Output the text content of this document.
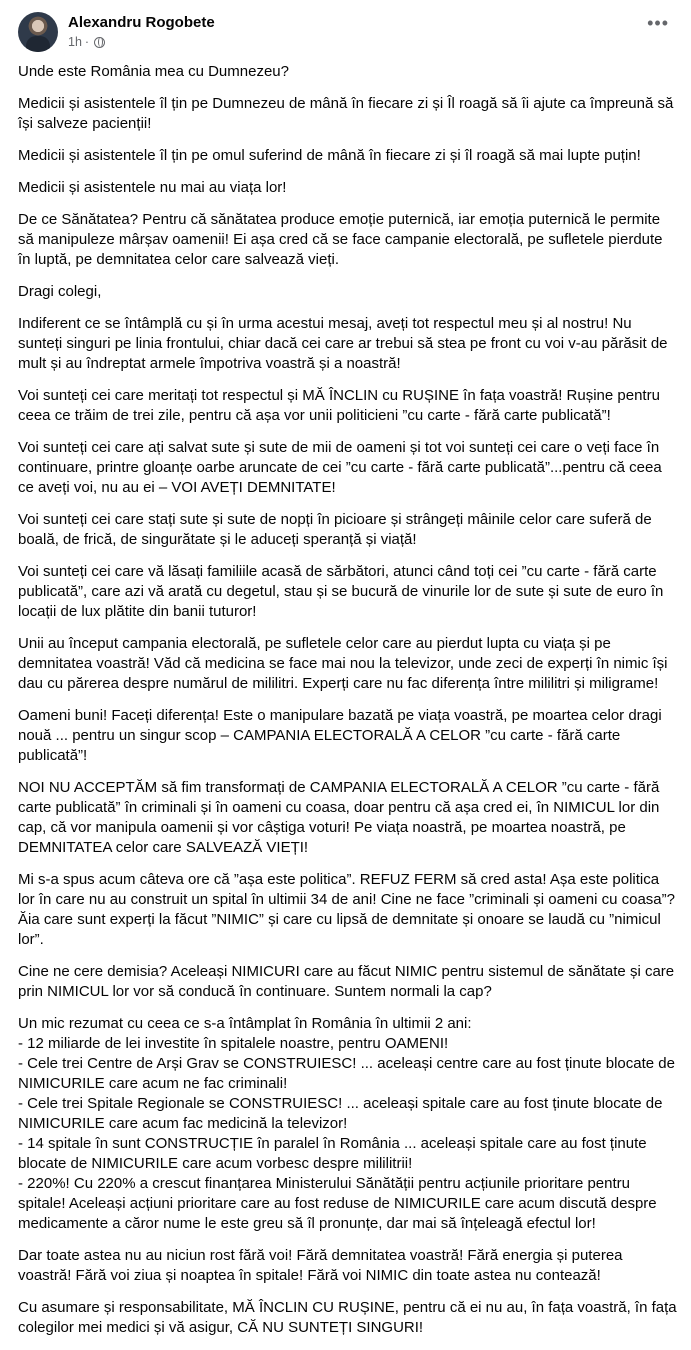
Alexandru Rogobete
1h ·
•••

Unde este România mea cu Dumnezeu?

Medicii și asistentele îl țin pe Dumnezeu de mână în fiecare zi și Îl roagă să îi ajute ca împreună să își salveze pacienții!

Medicii și asistentele îl țin pe omul suferind de mână în fiecare zi și îl roagă să mai lupte puțin!

Medicii și asistentele nu mai au viața lor!

De ce Sănătatea? Pentru că sănătatea produce emoție puternică, iar emoția puternică le permite să manipuleze mârșav oamenii! Ei așa cred că se face campanie electorală, pe sufletele pierdute în luptă, pe demnitatea celor care salvează vieți.

Dragi colegi,

Indiferent ce se întâmplă cu și în urma acestui mesaj, aveți tot respectul meu și al nostru! Nu sunteți singuri pe linia frontului, chiar dacă cei care ar trebui să stea pe front cu voi v-au părăsit de mult și au îndreptat armele împotriva voastră și a noastră!

Voi sunteți cei care meritați tot respectul și MĂ ÎNCLIN cu RUȘINE în fața voastră! Rușine pentru ceea ce trăim de trei zile, pentru că așa vor unii politicieni ”cu carte - fără carte publicată”!

Voi sunteți cei care ați salvat sute și sute de mii de oameni și tot voi sunteți cei care o veți face în continuare, printre gloanțe oarbe aruncate de cei ”cu carte - fără carte publicată”...pentru că ceea ce aveți voi, nu au ei – VOI AVEȚI DEMNITATE!

Voi sunteți cei care stați sute și sute de nopți în picioare și strângeți mâinile celor care suferă de boală, de frică, de singurătate și le aduceți speranță și viață!

Voi sunteți cei care vă lăsați familiile acasă de sărbători, atunci când toți cei ”cu carte - fără carte publicată”, care azi vă arată cu degetul, stau și se bucură de vinurile lor de sute și sute de euro în locații de lux plătite din banii tuturor!

Unii au început campania electorală, pe sufletele celor care au pierdut lupta cu viața și pe demnitatea voastră! Văd că medicina se face mai nou la televizor, unde zeci de experți în nimic își dau cu părerea despre numărul de mililitri. Experți care nu fac diferența între mililitri și miligrame!

Oameni buni! Faceți diferența! Este o manipulare bazată pe viața voastră, pe moartea celor dragi nouă ... pentru un singur scop – CAMPANIA ELECTORALĂ A CELOR ”cu carte - fără carte publicată”!

NOI NU ACCEPTĂM să fim transformați de CAMPANIA ELECTORALĂ A CELOR ”cu carte - fără carte publicată” în criminali și în oameni cu coasa, doar pentru că așa cred ei, în NIMICUL lor din cap, că vor manipula oamenii și vor câștiga voturi! Pe viața noastră, pe moartea noastră, pe DEMNITATEA celor care SALVEAZĂ VIEȚI!

Mi s-a spus acum câteva ore că ”așa este politica”. REFUZ FERM să cred asta! Așa este politica lor în care nu au construit un spital în ultimii 34 de ani! Cine ne face ”criminali și oameni cu coasa”? Ăia care sunt experți la făcut ”NIMIC” și care cu lipsă de demnitate și onoare se laudă cu ”nimicul lor”.

Cine ne cere demisia? Aceleași NIMICURI care au făcut NIMIC pentru sistemul de sănătate și care prin NIMICUL lor vor să conducă în continuare. Suntem normali la cap?

Un mic rezumat cu ceea ce s-a întâmplat în România în ultimii 2 ani:
- 12 miliarde de lei investite în spitalele noastre, pentru OAMENI!
- Cele trei Centre de Arși Grav se CONSTRUIESC! ... aceleași centre care au fost ținute blocate de NIMICURILE care acum ne fac criminali!
- Cele trei Spitale Regionale se CONSTRUIESC! ... aceleași spitale care au fost ținute blocate de NIMICURILE care acum fac medicină la televizor!
- 14 spitale în sunt CONSTRUCȚIE în paralel în România ... aceleași spitale care au fost ținute blocate de NIMICURILE care acum vorbesc despre mililitrii!
- 220%! Cu 220% a crescut finanțarea Ministerului Sănătății pentru acțiunile prioritare pentru spitale! Aceleași acțiuni prioritare care au fost reduse de NIMICURILE care acum discută despre medicamente a căror nume le este greu să îl pronunțe, dar mai să înțeleagă efectul lor!

Dar toate astea nu au niciun rost fără voi! Fără demnitatea voastră! Fără energia și puterea voastră! Fără voi ziua și noaptea în spitale! Fără voi NIMIC din toate astea nu contează!

Cu asumare și responsabilitate, MĂ ÎNCLIN CU RUȘINE, pentru că ei nu au, în fața voastră, în fața colegilor mei medici și vă asigur, CĂ NU SUNTEȚI SINGURI!
